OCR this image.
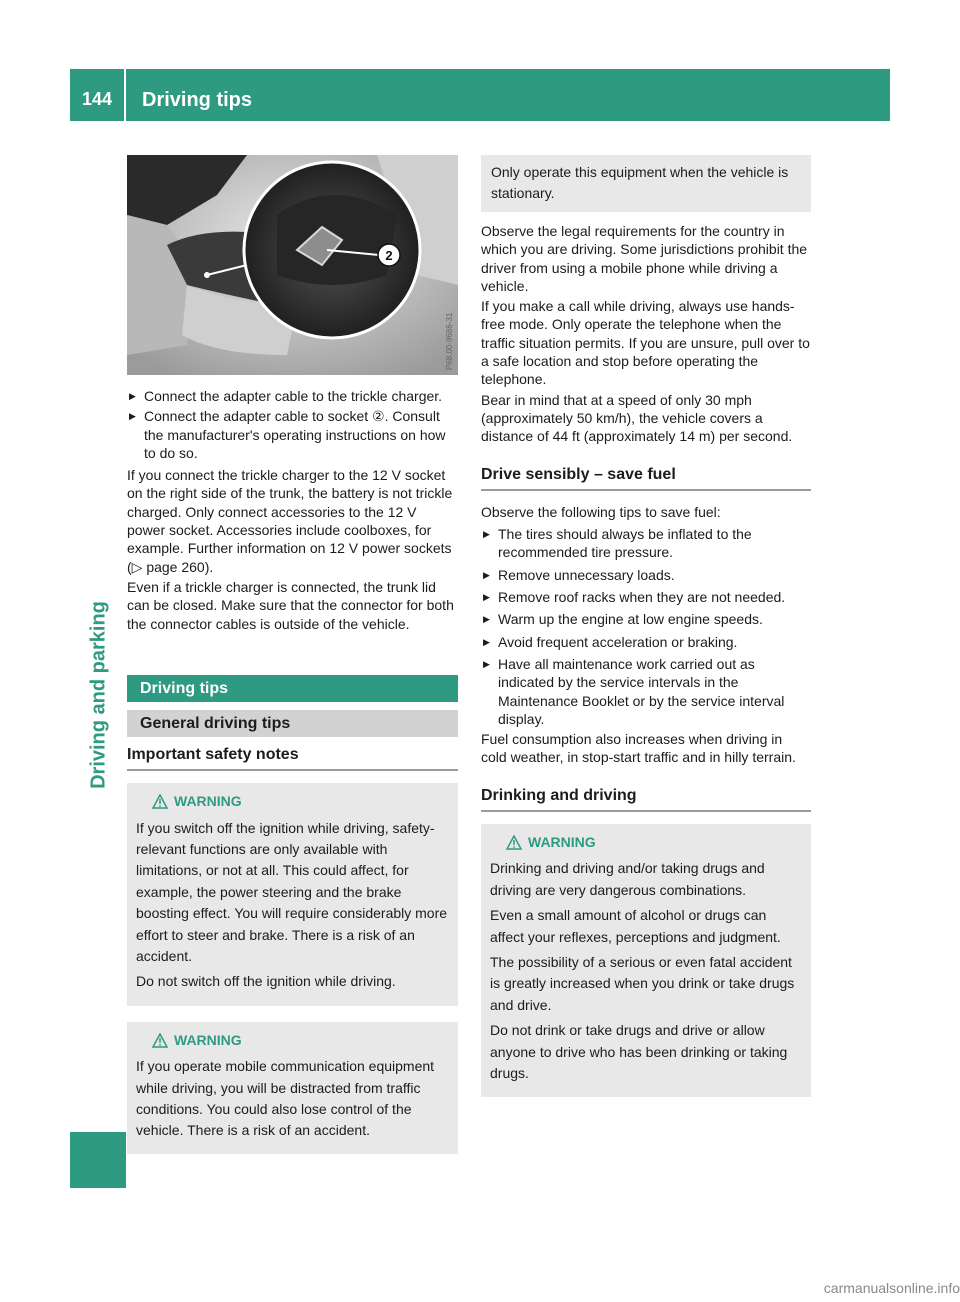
144	Driving tips
Driving and parking
2
P68.00-9686-31
▶ Connect the adapter cable to the trickle charger.
▶ Connect the adapter cable to socket ②. Consult the manufacturer's operating instructions on how to do so.

If you connect the trickle charger to the 12 V socket on the right side of the trunk, the battery is not trickle charged. Only connect accessories to the 12 V power socket. Accessories include coolboxes, for example. Further information on 12 V power sockets (▷ page 260).

Even if a trickle charger is connected, the trunk lid can be closed. Make sure that the connector for both the connector cables is outside of the vehicle.

Driving tips
General driving tips
Important safety notes
WARNING

If you switch off the ignition while driving, safety-relevant functions are only available with limitations, or not at all. This could affect, for example, the power steering and the brake boosting effect. You will require considerably more effort to steer and brake. There is a risk of an accident.

Do not switch off the ignition while driving.

WARNING

If you operate mobile communication equipment while driving, you will be distracted from traffic conditions. You could also lose control of the vehicle. There is a risk of an accident.

Only operate this equipment when the vehicle is stationary.

Observe the legal requirements for the country in which you are driving. Some jurisdictions prohibit the driver from using a mobile phone while driving a vehicle.

If you make a call while driving, always use hands-free mode. Only operate the telephone when the traffic situation permits. If you are unsure, pull over to a safe location and stop before operating the telephone.

Bear in mind that at a speed of only 30 mph (approximately 50 km/h), the vehicle covers a distance of 44 ft (approximately 14 m) per second.

Drive sensibly – save fuel

Observe the following tips to save fuel:

▶ The tires should always be inflated to the recommended tire pressure.
▶ Remove unnecessary loads.
▶ Remove roof racks when they are not needed.
▶ Warm up the engine at low engine speeds.
▶ Avoid frequent acceleration or braking.
▶ Have all maintenance work carried out as indicated by the service intervals in the Maintenance Booklet or by the service interval display.

Fuel consumption also increases when driving in cold weather, in stop-start traffic and in hilly terrain.

Drinking and driving
WARNING

Drinking and driving and/or taking drugs and driving are very dangerous combinations.

Even a small amount of alcohol or drugs can affect your reflexes, perceptions and judgment.

The possibility of a serious or even fatal accident is greatly increased when you drink or take drugs and drive.

Do not drink or take drugs and drive or allow anyone to drive who has been drinking or taking drugs.

carmanualsonline.info
